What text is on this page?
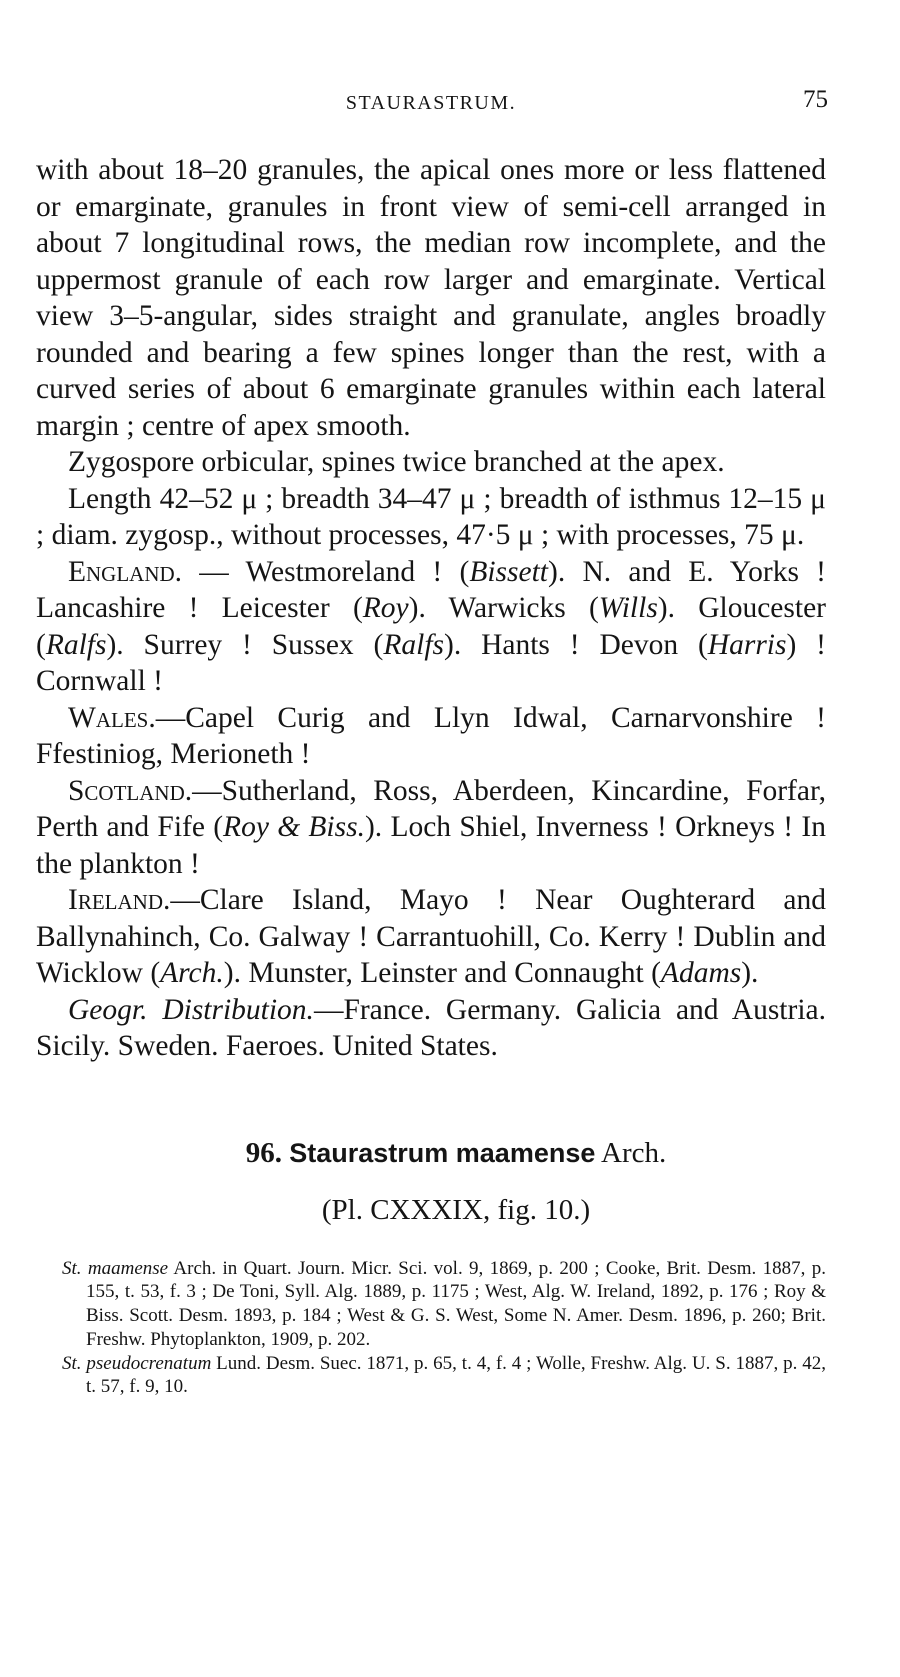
STAURASTRUM.	75

with about 18–20 granules, the apical ones more or less flattened or emarginate, granules in front view of semi-cell arranged in about 7 longitudinal rows, the median row incomplete, and the uppermost granule of each row larger and emarginate. Vertical view 3–5-angular, sides straight and granulate, angles broadly rounded and bearing a few spines longer than the rest, with a curved series of about 6 emarginate granules within each lateral margin ; centre of apex smooth.

Zygospore orbicular, spines twice branched at the apex.

Length 42–52 μ ; breadth 34–47 μ ; breadth of isthmus 12–15 μ ; diam. zygosp., without processes, 47·5 μ ; with processes, 75 μ.

England. — Westmoreland ! (Bissett). N. and E. Yorks ! Lancashire ! Leicester (Roy). Warwicks (Wills). Gloucester (Ralfs). Surrey ! Sussex (Ralfs). Hants ! Devon (Harris) ! Cornwall !

Wales.—Capel Curig and Llyn Idwal, Carnarvonshire ! Ffestiniog, Merioneth !

Scotland.—Sutherland, Ross, Aberdeen, Kincardine, Forfar, Perth and Fife (Roy & Biss.). Loch Shiel, Inverness ! Orkneys ! In the plankton !

Ireland.—Clare Island, Mayo ! Near Oughterard and Ballynahinch, Co. Galway ! Carrantuohill, Co. Kerry ! Dublin and Wicklow (Arch.). Munster, Leinster and Connaught (Adams).

Geogr. Distribution.—France. Germany. Galicia and Austria. Sicily. Sweden. Faeroes. United States.

96. Staurastrum maamense Arch.
(Pl. CXXXIX, fig. 10.)

St. maamense Arch. in Quart. Journ. Micr. Sci. vol. 9, 1869, p. 200 ; Cooke, Brit. Desm. 1887, p. 155, t. 53, f. 3 ; De Toni, Syll. Alg. 1889, p. 1175 ; West, Alg. W. Ireland, 1892, p. 176 ; Roy & Biss. Scott. Desm. 1893, p. 184 ; West & G. S. West, Some N. Amer. Desm. 1896, p. 260; Brit. Freshw. Phytoplankton, 1909, p. 202.

St. pseudocrenatum Lund. Desm. Suec. 1871, p. 65, t. 4, f. 4 ; Wolle, Freshw. Alg. U. S. 1887, p. 42, t. 57, f. 9, 10.
